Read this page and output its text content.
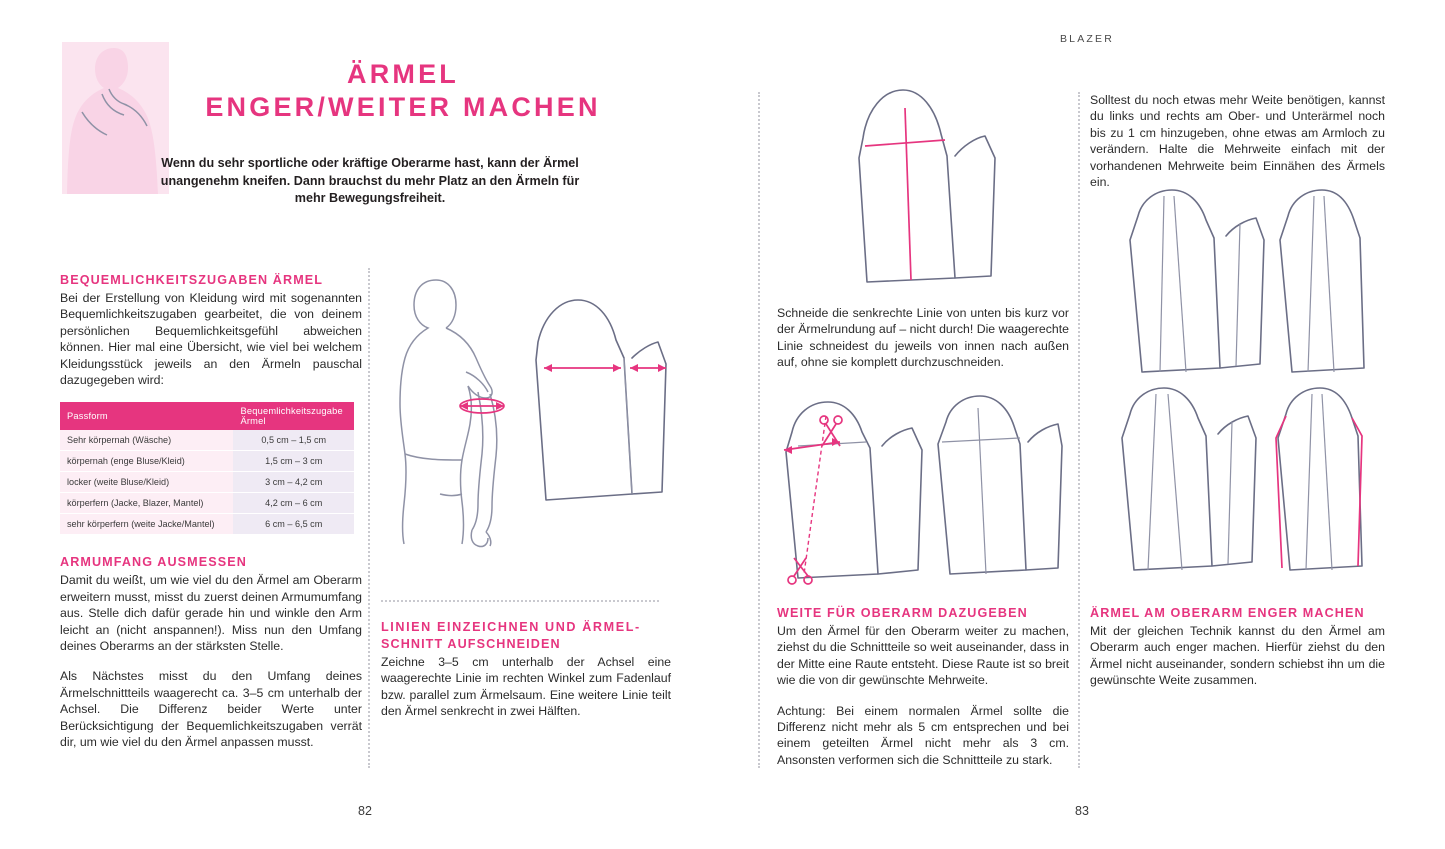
BLAZER
ÄRMEL
ENGER/WEITER MACHEN
Wenn du sehr sportliche oder kräftige Oberarme hast, kann der Ärmel unangenehm kneifen. Dann brauchst du mehr Platz an den Ärmeln für mehr Bewegungsfreiheit.
BEQUEMLICHKEITSZUGABEN ÄRMEL

Bei der Erstellung von Kleidung wird mit sogenannten Bequemlichkeitszugaben gearbeitet, die von deinem persönlichen Bequemlichkeitsgefühl abweichen können. Hier mal eine Übersicht, wie viel bei welchem Kleidungsstück jeweils an den Ärmeln pauschal dazugegeben wird:

Passform	Bequemlichkeitszugabe Ärmel
Sehr körpernah (Wäsche)	0,5 cm – 1,5 cm
körpernah (enge Bluse/Kleid)	1,5 cm – 3 cm
locker (weite Bluse/Kleid)	3 cm – 4,2 cm
körperfern (Jacke, Blazer, Mantel)	4,2 cm – 6 cm
sehr körperfern (weite Jacke/Mantel)	6 cm – 6,5 cm
ARMUMFANG AUSMESSEN

Damit du weißt, um wie viel du den Ärmel am Oberarm erweitern musst, misst du zuerst deinen Armumumfang aus. Stelle dich dafür gerade hin und winkle den Arm leicht an (nicht anspannen!). Miss nun den Umfang deines Oberarms an der stärksten Stelle.

Als Nächstes misst du den Umfang deines Ärmelschnittteils waagerecht ca. 3–5 cm unterhalb der Achsel. Die Differenz beider Werte unter Berücksichtigung der Bequemlichkeitszugaben verrät dir, um wie viel du den Ärmel anpassen musst.

LINIEN EINZEICHNEN UND ÄRMEL-
SCHNITT AUFSCHNEIDEN

Zeichne 3–5 cm unterhalb der Achsel eine waagerechte Linie im rechten Winkel zum Fadenlauf bzw. parallel zum Ärmelsaum. Eine weitere Linie teilt den Ärmel senkrecht in zwei Hälften.

Schneide die senkrechte Linie von unten bis kurz vor der Ärmelrundung auf – nicht durch! Die waagerechte Linie schneidest du jeweils von innen nach außen auf, ohne sie komplett durchzuschneiden.

WEITE FÜR OBERARM DAZUGEBEN

Um den Ärmel für den Oberarm weiter zu machen, ziehst du die Schnittteile so weit auseinander, dass in der Mitte eine Raute entsteht. Diese Raute ist so breit wie die von dir gewünschte Mehrweite.

Achtung: Bei einem normalen Ärmel sollte die Differenz nicht mehr als 5 cm entsprechen und bei einem geteilten Ärmel nicht mehr als 3 cm. Ansonsten verformen sich die Schnittteile zu stark.

Solltest du noch etwas mehr Weite benötigen, kannst du links und rechts am Ober- und Unterärmel noch bis zu 1 cm hinzugeben, ohne etwas am Armloch zu verändern. Halte die Mehrweite einfach mit der vorhandenen Mehrweite beim Einnähen des Ärmels ein.

ÄRMEL AM OBERARM ENGER MACHEN

Mit der gleichen Technik kannst du den Ärmel am Oberarm auch enger machen. Hierfür ziehst du den Ärmel nicht auseinander, sondern schiebst ihn um die gewünschte Weite zusammen.

82	83
